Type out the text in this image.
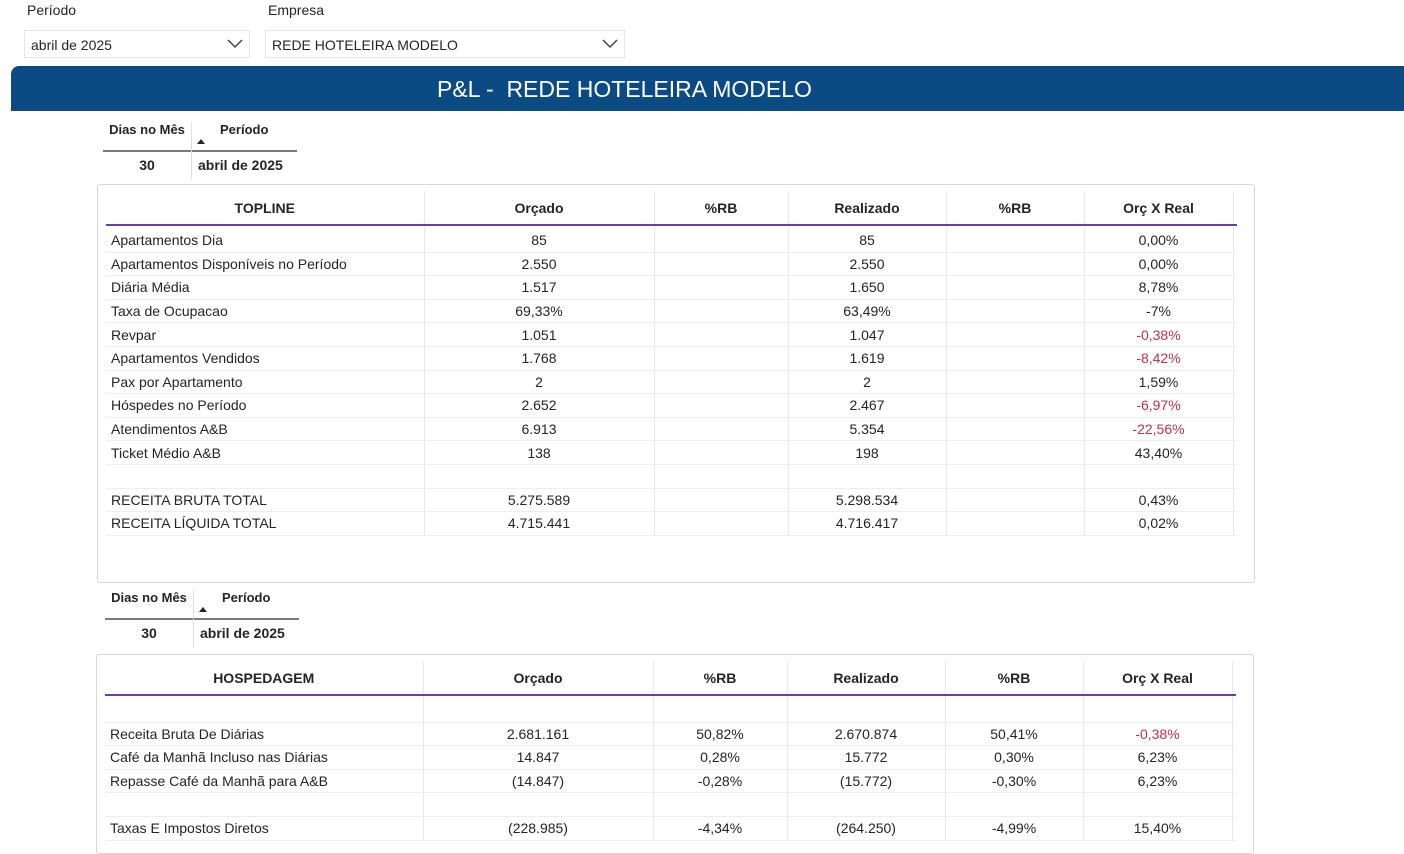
Período
abril de 2025
Empresa
REDE HOTELEIRA MODELO
P&L -  REDE HOTELEIRA MODELO
Dias no Mês	Período
30	abril de 2025
TOPLINE	Orçado	%RB	Realizado	%RB	Orç X Real	
Apartamentos Dia	85		85		0,00%	
Apartamentos Disponíveis no Período	2.550		2.550		0,00%	
Diária Média	1.517		1.650		8,78%	
Taxa de Ocupacao	69,33%		63,49%		-7%	
Revpar	1.051		1.047		-0,38%	
Apartamentos Vendidos	1.768		1.619		-8,42%	
Pax por Apartamento	2		2		1,59%	
Hóspedes no Período	2.652		2.467		-6,97%	
Atendimentos A&B	6.913		5.354		-22,56%	
Ticket Médio A&B	138		198		43,40%	

RECEITA BRUTA TOTAL	5.275.589		5.298.534		0,43%	
RECEITA LÍQUIDA TOTAL	4.715.441		4.716.417		0,02%	
Dias no Mês	Período
30	abril de 2025
HOSPEDAGEM	Orçado	%RB	Realizado	%RB	Orç X Real	

Receita Bruta De Diárias	2.681.161	50,82%	2.670.874	50,41%	-0,38%	
Café da Manhã Incluso nas Diárias	14.847	0,28%	15.772	0,30%	6,23%	
Repasse Café da Manhã para A&B	(14.847)	-0,28%	(15.772)	-0,30%	6,23%	

Taxas E Impostos Diretos	(228.985)	-4,34%	(264.250)	-4,99%	15,40%	
